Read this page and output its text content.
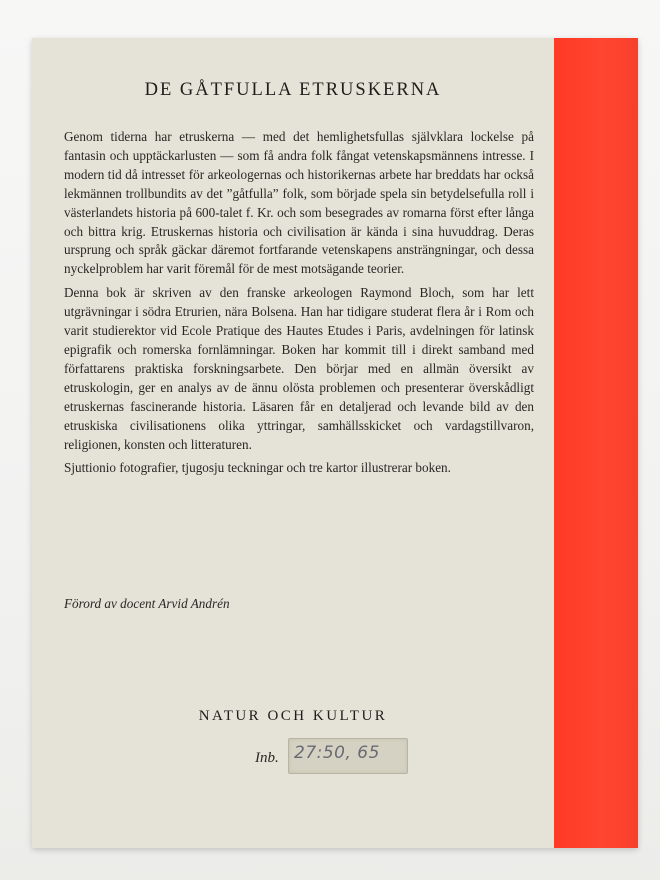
DE GÅTFULLA ETRUSKERNA

Genom tiderna har etruskerna — med det hemlighetsfullas självklara lockelse på fantasin och upptäckarlusten — som få andra folk fångat vetenskapsmännens intresse. I modern tid då intresset för arkeologernas och historikernas arbete har breddats har också lekmännen trollbundits av det ”gåtfulla” folk, som började spela sin betydelsefulla roll i västerlandets historia på 600-talet f. Kr. och som besegrades av romarna först efter långa och bittra krig. Etruskernas historia och civilisation är kända i sina huvuddrag. Deras ursprung och språk gäckar däremot fortfarande vetenskapens ansträngningar, och dessa nyckelproblem har varit föremål för de mest motsägande teorier.

Denna bok är skriven av den franske arkeologen Raymond Bloch, som har lett utgrävningar i södra Etrurien, nära Bolsena. Han har tidigare studerat flera år i Rom och varit studierektor vid Ecole Pratique des Hautes Etudes i Paris, avdelningen för latinsk epigrafik och romerska fornlämningar. Boken har kommit till i direkt samband med författarens praktiska forskningsarbete. Den börjar med en allmän översikt av etruskologin, ger en analys av de ännu olösta problemen och presenterar överskådligt etruskernas fascinerande historia. Läsaren får en detaljerad och levande bild av den etruskiska civilisationens olika yttringar, samhällsskicket och vardagstillvaron, religionen, konsten och litteraturen.

Sjuttionio fotografier, tjugosju teckningar och tre kartor illustrerar boken.

Förord av docent Arvid Andrén
NATUR OCH KULTUR
Inb. 27:50, 65
